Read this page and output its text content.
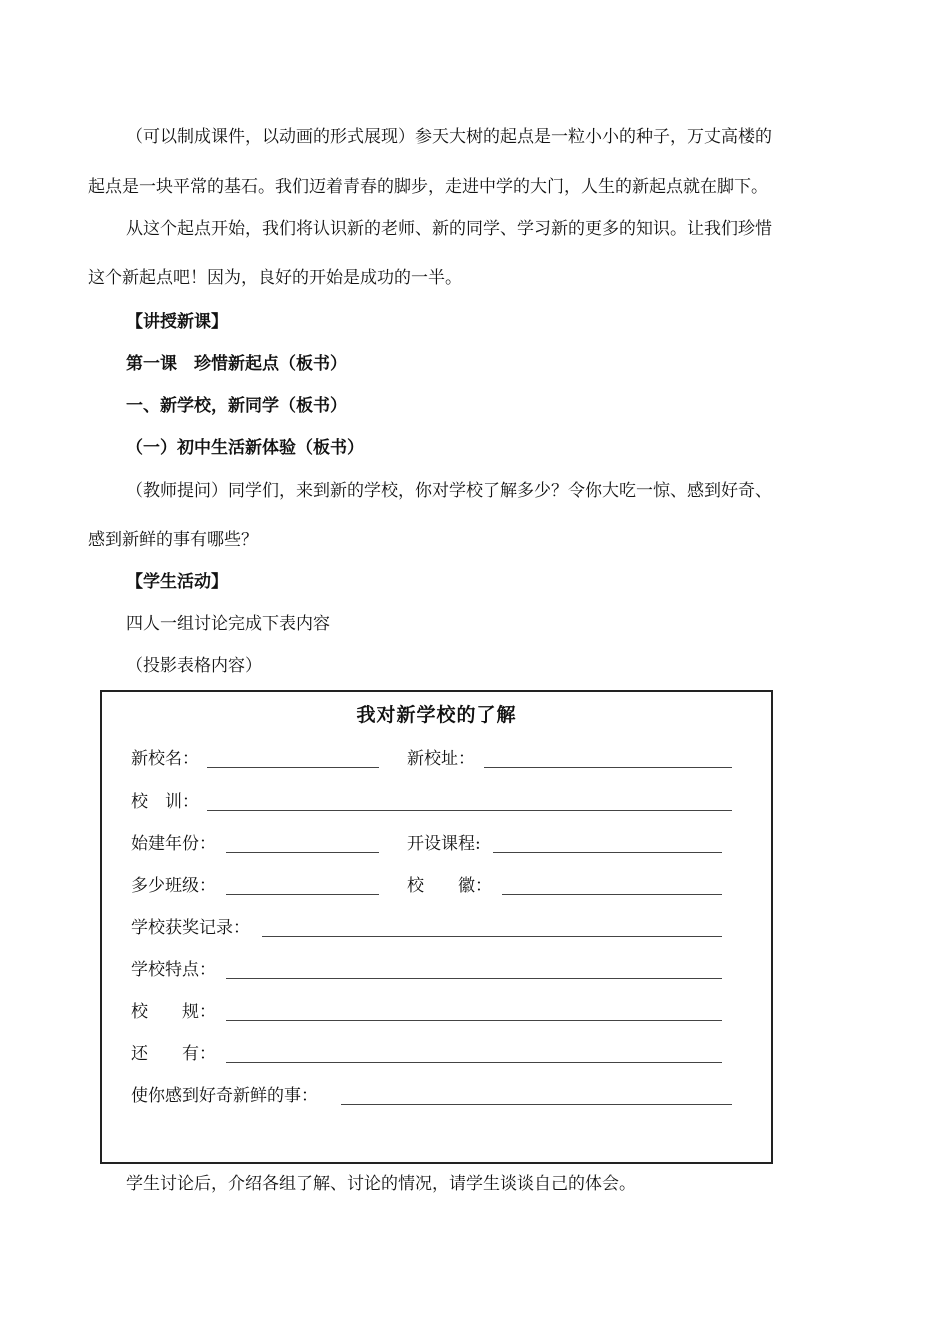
（可以制成课件，以动画的形式展现）参天大树的起点是一粒小小的种子，万丈高楼的
起点是一块平常的基石。我们迈着青春的脚步，走进中学的大门，人生的新起点就在脚下。
从这个起点开始，我们将认识新的老师、新的同学、学习新的更多的知识。让我们珍惜
这个新起点吧！因为，良好的开始是成功的一半。
【讲授新课】
第一课　珍惜新起点（板书）
一、新学校，新同学（板书）
（一）初中生活新体验（板书）
（教师提问）同学们，来到新的学校，你对学校了解多少？令你大吃一惊、感到好奇、
感到新鲜的事有哪些？
【学生活动】
四人一组讨论完成下表内容
（投影表格内容）
我对新学校的了解
新校名：	新校址：
校　训：
始建年份：	开设课程:
多少班级：	校　　徽：
学校获奖记录：
学校特点：
校　　规：
还　　有：
使你感到好奇新鲜的事：
学生讨论后，介绍各组了解、讨论的情况，请学生谈谈自己的体会。
